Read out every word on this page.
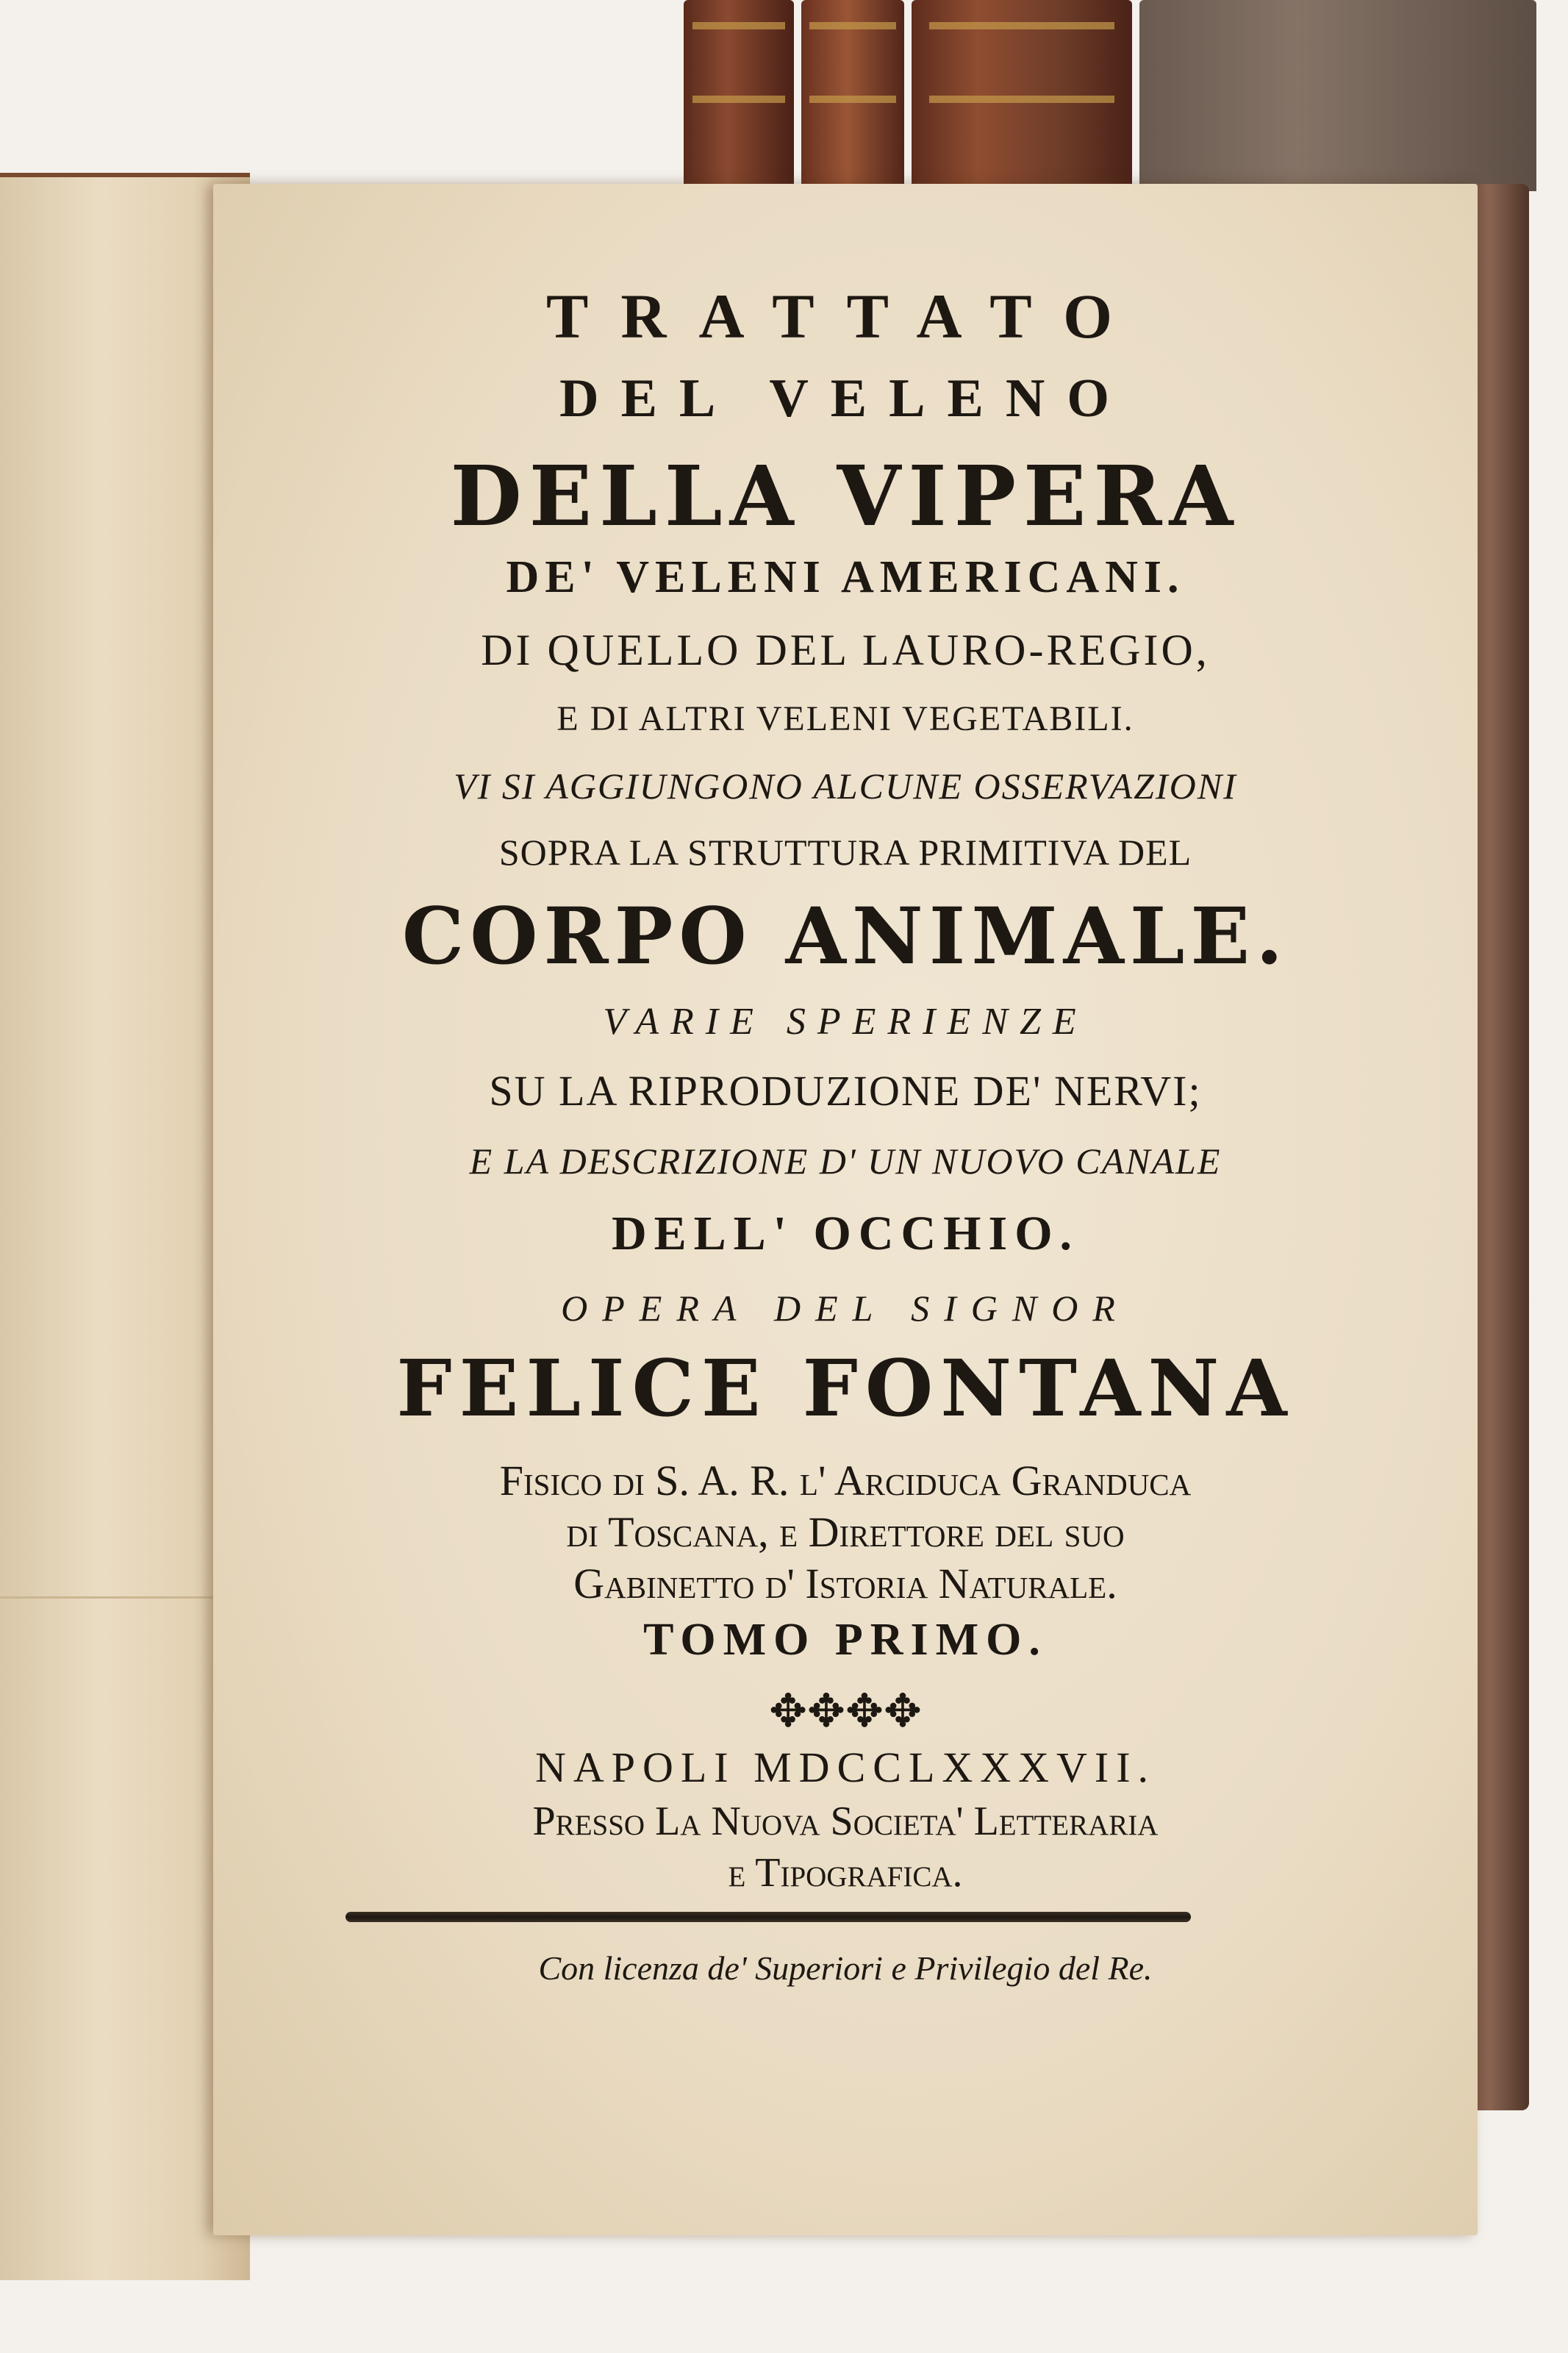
TRATTATO

DEL VELENO

DELLA VIPERA

DE' VELENI AMERICANI.

DI QUELLO DEL LAURO-REGIO,

E DI ALTRI VELENI VEGETABILI.

VI SI AGGIUNGONO ALCUNE OSSERVAZIONI

SOPRA LA STRUTTURA PRIMITIVA DEL

CORPO ANIMALE.

VARIE SPERIENZE

SU LA RIPRODUZIONE DE' NERVI;

E LA DESCRIZIONE D' UN NUOVO CANALE

DELL' OCCHIO.

OPERA DEL SIGNOR

FELICE FONTANA

Fisico di S. A. R. l' Arciduca Granduca

di Toscana, e Direttore del suo

Gabinetto d' Istoria Naturale.

TOMO PRIMO.

✥✥✥✥

NAPOLI MDCCLXXXVII.

Presso La Nuova Societa' Letteraria

e Tipografica.

Con licenza de' Superiori e Privilegio del Re.
